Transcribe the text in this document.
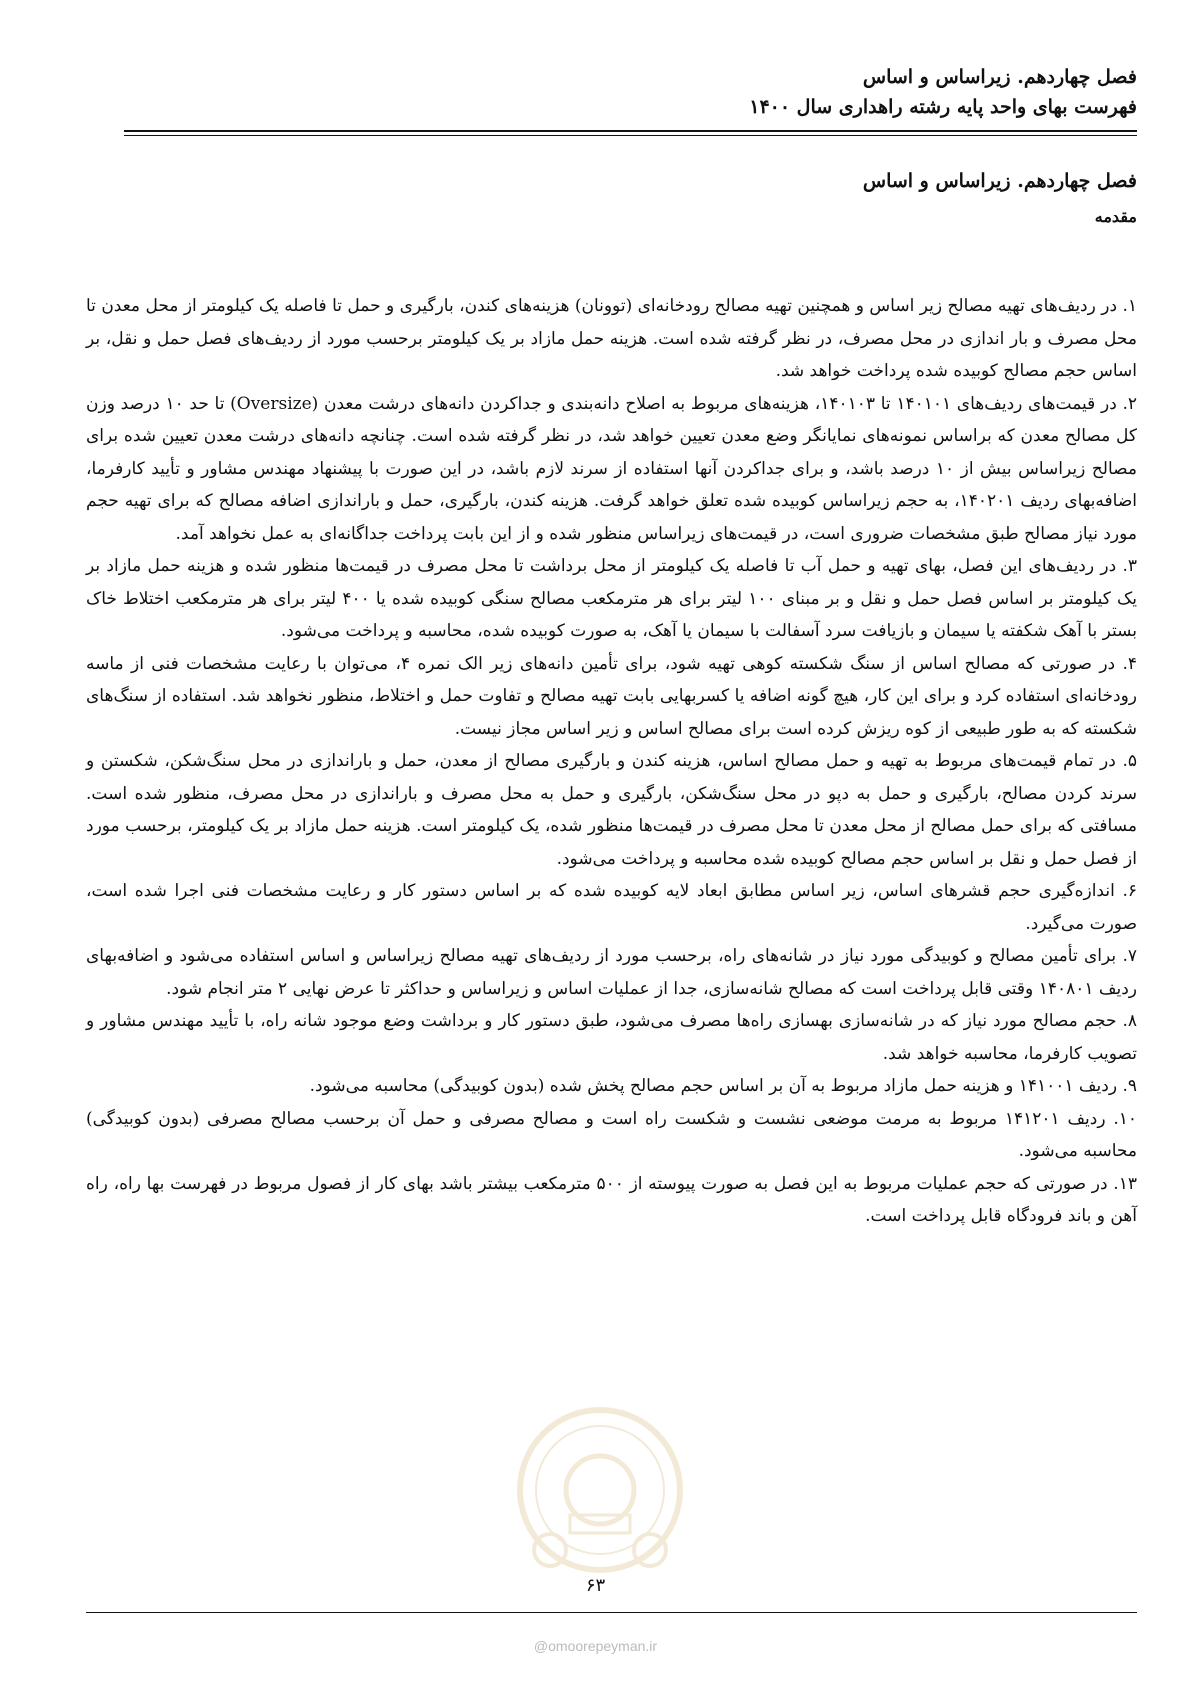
فصل چهاردهم. زیراساس و اساس
فهرست بهای واحد پایه رشته راهداری سال ۱۴۰۰
فصل چهاردهم. زیراساس و اساس
مقدمه

۱. در ردیف‌های تهیه مصالح زیر اساس و همچنین تهیه مصالح رودخانه‌ای (توونان) هزینه‌های کندن، بارگیری و حمل تا فاصله یک کیلومتر از محل معدن تا محل مصرف و بار اندازی در محل مصرف، در نظر گرفته شده است. هزینه حمل مازاد بر یک کیلومتر برحسب مورد از ردیف‌های فصل حمل و نقل، بر اساس حجم مصالح کوبیده شده پرداخت خواهد شد.

۲. در قیمت‌های ردیف‌های ۱۴۰۱۰۱ تا ۱۴۰۱۰۳، هزینه‌های مربوط به اصلاح دانه‌بندی و جداکردن دانه‌های درشت معدن (Oversize) تا حد ۱۰ درصد وزن کل مصالح معدن که براساس نمونه‌های نمایانگر وضع معدن تعیین خواهد شد، در نظر گرفته شده است. چنانچه دانه‌های درشت معدن تعیین شده برای مصالح زیراساس بیش از ۱۰ درصد باشد، و برای جداکردن آنها استفاده از سرند لازم باشد، در این صورت با پیشنهاد مهندس مشاور و تأیید کارفرما، اضافه‌بهای ردیف ۱۴۰۲۰۱، به حجم زیراساس کوبیده شده تعلق خواهد گرفت. هزینه کندن، بارگیری، حمل و باراندازی اضافه مصالح که برای تهیه حجم مورد نیاز مصالح طبق مشخصات ضروری است، در قیمت‌های زیراساس منظور شده و از این بابت پرداخت جداگانه‌ای به عمل نخواهد آمد.

۳. در ردیف‌های این فصل، بهای تهیه و حمل آب تا فاصله یک کیلومتر از محل برداشت تا محل مصرف در قیمت‌ها منظور شده و هزینه حمل مازاد بر یک کیلومتر بر اساس فصل حمل و نقل و بر مبنای ۱۰۰ لیتر برای هر مترمکعب مصالح سنگی کوبیده شده یا ۴۰۰ لیتر برای هر مترمکعب اختلاط خاک بستر با آهک شکفته یا سیمان و بازیافت سرد آسفالت با سیمان یا آهک، به صورت کوبیده شده، محاسبه و پرداخت می‌شود.

۴. در صورتی که مصالح اساس از سنگ شکسته کوهی تهیه شود، برای تأمین دانه‌های زیر الک نمره ۴، می‌توان با رعایت مشخصات فنی از ماسه رودخانه‌ای استفاده کرد و برای این کار، هیچ گونه اضافه یا کسربهایی بابت تهیه مصالح و تفاوت حمل و اختلاط، منظور نخواهد شد. استفاده از سنگ‌های شکسته که به طور طبیعی از کوه ریزش کرده است برای مصالح اساس و زیر اساس مجاز نیست.

۵. در تمام قیمت‌های مربوط به تهیه و حمل مصالح اساس، هزینه کندن و بارگیری مصالح از معدن، حمل و باراندازی در محل سنگ‌شکن، شکستن و سرند کردن مصالح، بارگیری و حمل به دپو در محل سنگ‌شکن، بارگیری و حمل به محل مصرف و باراندازی در محل مصرف، منظور شده است. مسافتی که برای حمل مصالح از محل معدن تا محل مصرف در قیمت‌ها منظور شده، یک کیلومتر است. هزینه حمل مازاد بر یک کیلومتر، برحسب مورد از فصل حمل و نقل بر اساس حجم مصالح کوبیده شده محاسبه و پرداخت می‌شود.

۶. اندازه‌گیری حجم قشرهای اساس، زیر اساس مطابق ابعاد لایه کوبیده شده که بر اساس دستور کار و رعایت مشخصات فنی اجرا شده است، صورت می‌گیرد.

۷. برای تأمین مصالح و کوبیدگی مورد نیاز در شانه‌های راه، برحسب مورد از ردیف‌های تهیه مصالح زیراساس و اساس استفاده می‌شود و اضافه‌بهای ردیف ۱۴۰۸۰۱ وقتی قابل پرداخت است که مصالح شانه‌سازی، جدا از عملیات اساس و زیراساس و حداکثر تا عرض نهایی ۲ متر انجام شود.

۸. حجم مصالح مورد نیاز که در شانه‌سازی بهسازی راه‌ها مصرف می‌شود، طبق دستور کار و برداشت وضع موجود شانه راه، با تأیید مهندس مشاور و تصویب کارفرما، محاسبه خواهد شد.

۹. ردیف ۱۴۱۰۰۱ و هزینه حمل مازاد مربوط به آن بر اساس حجم مصالح پخش شده (بدون کوبیدگی) محاسبه می‌شود.

۱۰. ردیف ۱۴۱۲۰۱ مربوط به مرمت موضعی نشست و شکست راه است و مصالح مصرفی و حمل آن برحسب مصالح مصرفی (بدون کوبیدگی) محاسبه می‌شود.

۱۳. در صورتی که حجم عملیات مربوط به این فصل به صورت پیوسته از ۵۰۰ مترمکعب بیشتر باشد بهای کار از فصول مربوط در فهرست بها راه، راه آهن و باند فرودگاه قابل پرداخت است.

۶۳
@omoorepeyman.ir
